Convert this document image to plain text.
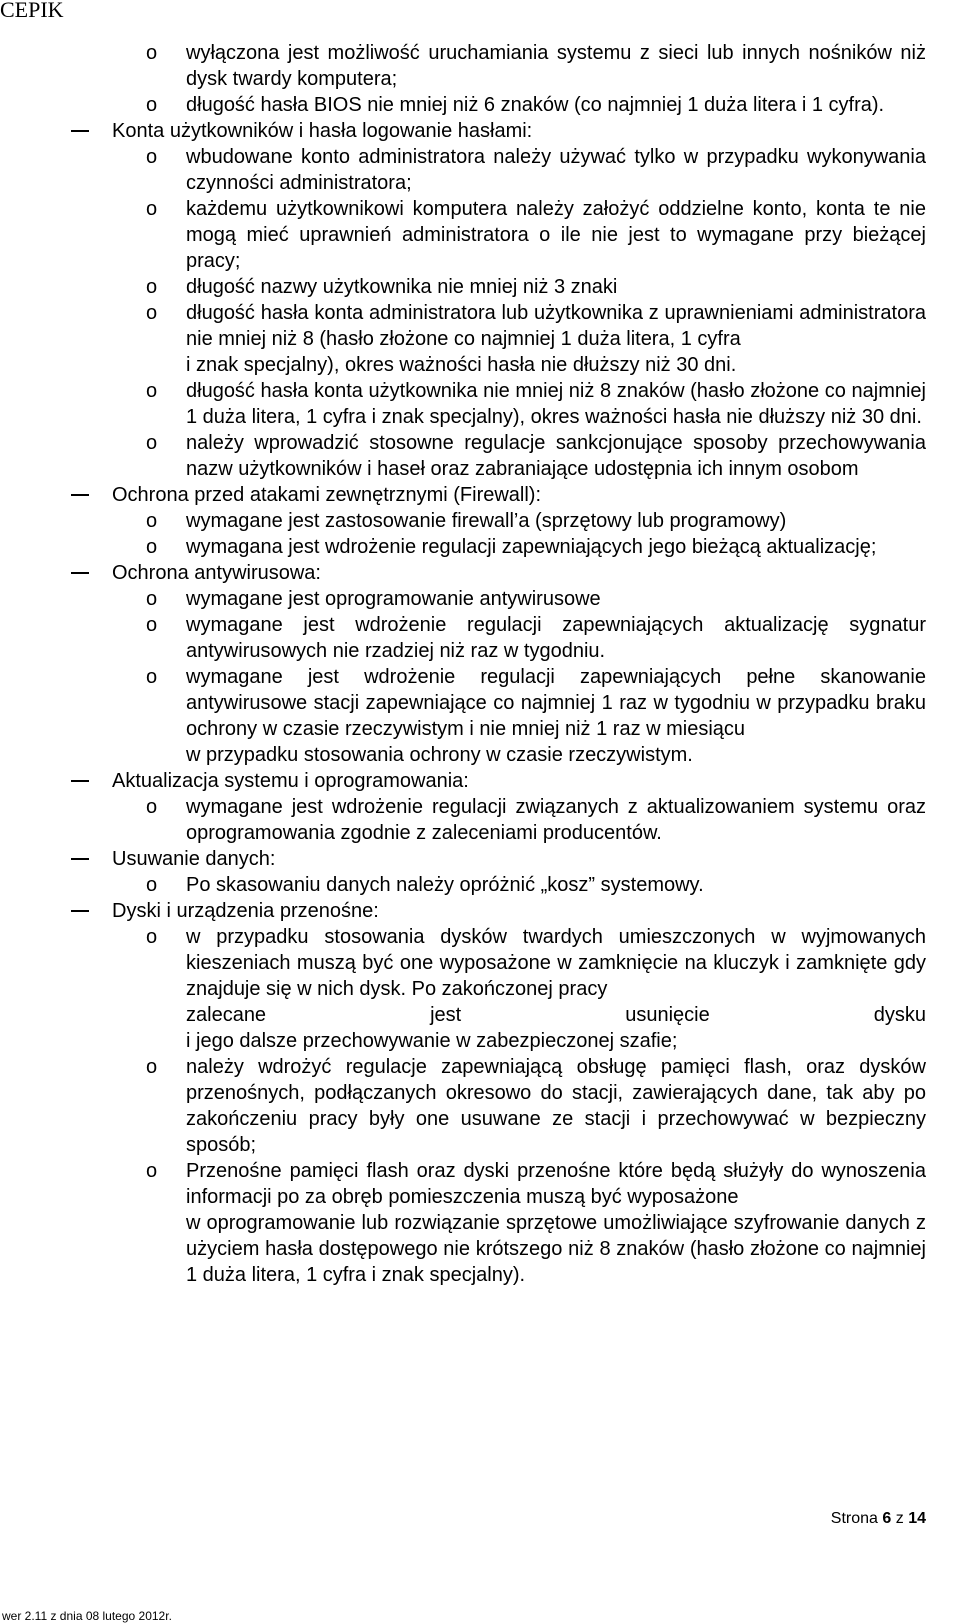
CEPIK
o wyłączona jest możliwość uruchamiania systemu z sieci lub innych nośników niż dysk twardy komputera;
o długość hasła BIOS nie mniej niż 6 znaków (co najmniej 1 duża litera i 1 cyfra).
Konta użytkowników i hasła logowanie hasłami:
o wbudowane konto administratora należy używać tylko w przypadku wykonywania czynności administratora;
o każdemu użytkownikowi komputera należy założyć oddzielne konto, konta te nie mogą mieć uprawnień administratora o ile nie jest to wymagane przy bieżącej pracy;
o długość nazwy użytkownika nie mniej niż 3 znaki
o długość hasła konta administratora lub użytkownika z uprawnieniami administratora nie mniej niż 8 (hasło złożone co najmniej 1 duża litera, 1 cyfra
i znak specjalny), okres ważności hasła nie dłuższy niż 30 dni.
o długość hasła konta użytkownika nie mniej niż 8 znaków (hasło złożone co najmniej 1 duża litera, 1 cyfra i znak specjalny), okres ważności hasła nie dłuższy niż 30 dni.
o należy wprowadzić stosowne regulacje sankcjonujące sposoby przechowywania nazw użytkowników i haseł oraz zabraniające udostępnia ich innym osobom
Ochrona przed atakami zewnętrznymi (Firewall):
o wymagane jest zastosowanie firewall’a (sprzętowy lub programowy)
o wymagana jest wdrożenie regulacji zapewniających jego bieżącą aktualizację;
Ochrona antywirusowa:
o wymagane jest oprogramowanie antywirusowe
o wymagane jest wdrożenie regulacji zapewniających aktualizację sygnatur antywirusowych nie rzadziej niż raz w tygodniu.
o wymagane jest wdrożenie regulacji zapewniających pełne skanowanie antywirusowe stacji zapewniające co najmniej 1 raz w tygodniu w przypadku braku ochrony w czasie rzeczywistym i nie mniej niż 1 raz w miesiącu
w przypadku stosowania ochrony w czasie rzeczywistym.
Aktualizacja systemu i oprogramowania:
o wymagane jest wdrożenie regulacji związanych z aktualizowaniem systemu oraz oprogramowania zgodnie z zaleceniami producentów.
Usuwanie danych:
o Po skasowaniu danych należy opróżnić „kosz” systemowy.
Dyski i urządzenia przenośne:
o w przypadku stosowania dysków twardych umieszczonych w wyjmowanych kieszeniach muszą być one wyposażone w zamknięcie na kluczyk i zamknięte gdy znajduje się w nich dysk. Po zakończonej pracy
zalecane jest usunięcie dysku
i jego dalsze przechowywanie w zabezpieczonej szafie;
o należy wdrożyć regulacje zapewniającą obsługę pamięci flash, oraz dysków przenośnych, podłączanych okresowo do stacji, zawierających dane, tak aby po zakończeniu pracy były one usuwane ze stacji i przechowywać w bezpieczny sposób;
o Przenośne pamięci flash oraz dyski przenośne które będą służyły do wynoszenia informacji po za obręb pomieszczenia muszą być wyposażone
w oprogramowanie lub rozwiązanie sprzętowe umożliwiające szyfrowanie danych z użyciem hasła dostępowego nie krótszego niż 8 znaków (hasło złożone co najmniej 1 duża litera, 1 cyfra i znak specjalny).
Strona 6 z 14
wer 2.11 z dnia 08 lutego 2012r.
